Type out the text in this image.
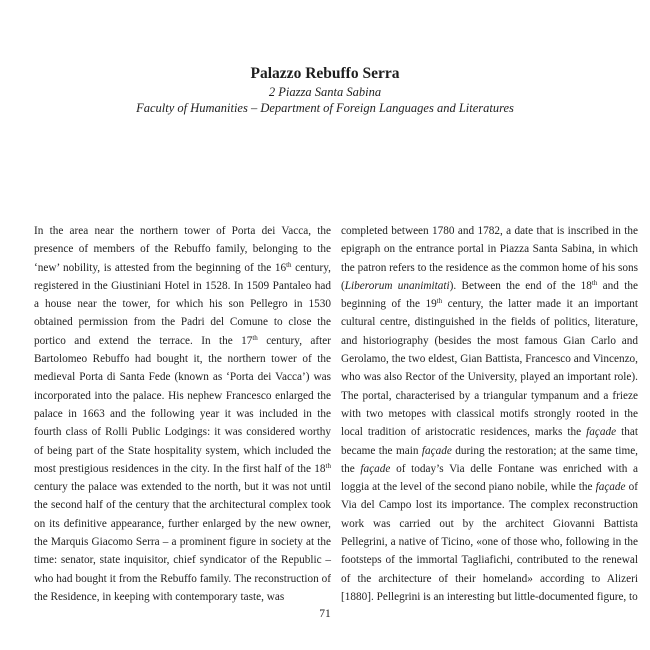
Palazzo Rebuffo Serra

2 Piazza Santa Sabina

Faculty of Humanities – Department of Foreign Languages and Literatures

In the area near the northern tower of Porta dei Vacca, the presence of members of the Rebuffo family, belonging to the ‘new’ nobility, is attested from the beginning of the 16th century, registered in the Giustiniani Hotel in 1528. In 1509 Pantaleo had a house near the tower, for which his son Pellegro in 1530 obtained permission from the Padri del Comune to close the portico and extend the terrace. In the 17th century, after Bartolomeo Rebuffo had bought it, the northern tower of the medieval Porta di Santa Fede (known as ‘Porta dei Vacca’) was incorporated into the palace. His nephew Francesco enlarged the palace in 1663 and the following year it was included in the fourth class of Rolli Public Lodgings: it was considered worthy of being part of the State hospitality system, which included the most prestigious residences in the city. In the first half of the 18th century the palace was extended to the north, but it was not until the second half of the century that the architectural complex took on its definitive appearance, further enlarged by the new owner, the Marquis Giacomo Serra – a prominent figure in society at the time: senator, state inquisitor, chief syndicator of the Republic – who had bought it from the Rebuffo family. The reconstruction of the Residence, in keeping with contemporary taste, was

completed between 1780 and 1782, a date that is inscribed in the epigraph on the entrance portal in Piazza Santa Sabina, in which the patron refers to the residence as the common home of his sons (Liberorum unanimitati). Between the end of the 18th and the beginning of the 19th century, the latter made it an important cultural centre, distinguished in the fields of politics, literature, and historiography (besides the most famous Gian Carlo and Gerolamo, the two eldest, Gian Battista, Francesco and Vincenzo, who was also Rector of the University, played an important role). The portal, characterised by a triangular tympanum and a frieze with two metopes with classical motifs strongly rooted in the local tradition of aristocratic residences, marks the façade that became the main façade during the restoration; at the same time, the façade of today’s Via delle Fontane was enriched with a loggia at the level of the second piano nobile, while the façade of Via del Campo lost its importance. The complex reconstruction work was carried out by the architect Giovanni Battista Pellegrini, a native of Ticino, «one of those who, following in the footsteps of the immortal Tagliafichi, contributed to the renewal of the architecture of their homeland» according to Alizeri [1880]. Pellegrini is an interesting but little-documented figure, to

71
